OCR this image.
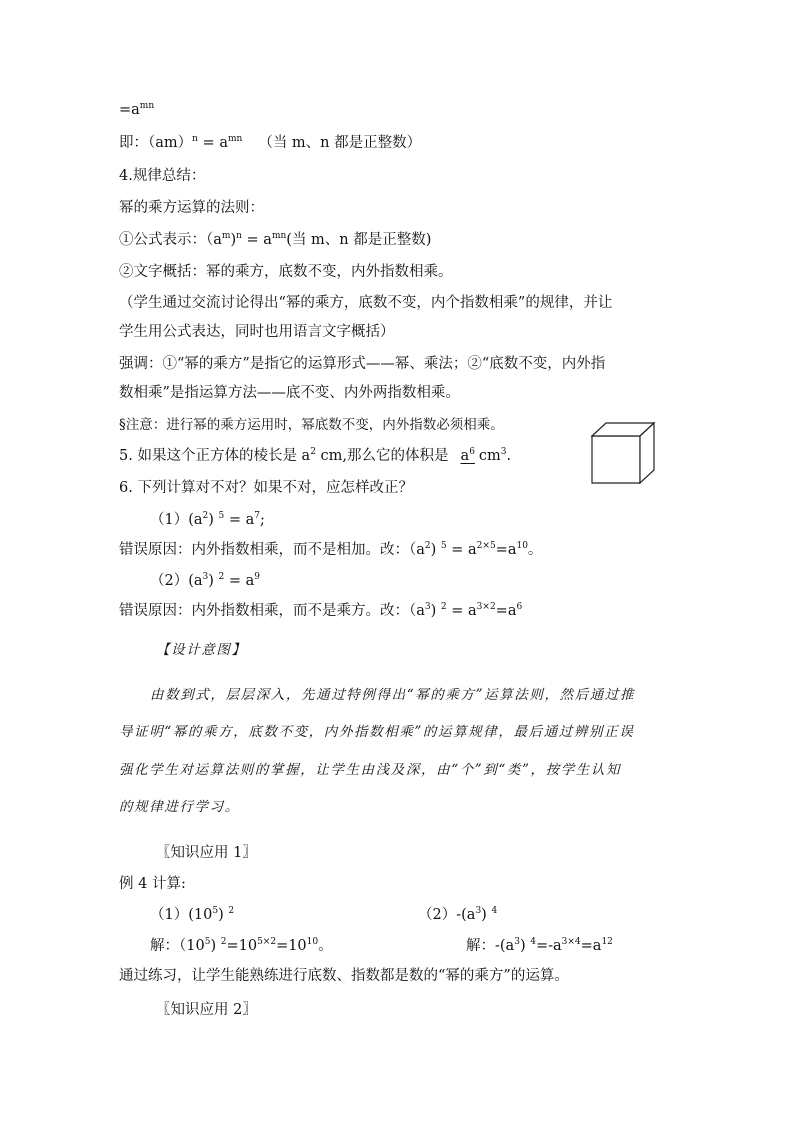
$=a^{mn}$
即：$(am)^n = a^{mn}$ （当 m、n 都是正整数）
4.规律总结：
幂的乘方运算的法则：
①公式表示：$(a^m)^n = a^{mn}$(当 m、n 都是正整数)
②文字概括：幂的乘方，底数不变，内外指数相乘。
（学生通过交流讨论得出“幂的乘方，底数不变，内个指数相乘”的规律，并让
学生用公式表达，同时也用语言文字概括）
强调：①“幂的乘方”是指它的运算形式——幂、乘法；②“底数不变，内外指
数相乘”是指运算方法——底不变、内外两指数相乘。
§注意：进行幂的乘方运用时，幂底数不变，内外指数必须相乘。
5. 如果这个正方体的棱长是 $a^2$ cm,那么它的体积是 $a^6$ $cm^3$.
6. 下列计算对不对？如果不对，应怎样改正？
$(1)(a^2) ^5 = a^7$;
错误原因：内外指数相乘，而不是相加。改：$(a^2)$ $^5 = a^{2\times 5}=a^{10}$。
$(2)(a^3) ^2 = a^9$
错误原因：内外指数相乘，而不是乘方。改：$(a^3)$ $^2 = a^{3\times 2}=a^6$
【设计意图】
由数到式，层层深入，先通过特例得出“幂的乘方”运算法则，然后通过推
导证明“幂的乘方，底数不变，内外指数相乘”的运算规律，最后通过辨别正误
强化学生对运算法则的掌握，让学生由浅及深，由“个”到“类”，按学生认知
的规律进行学习。
〖知识应用 1〗
例 4 计算:
$(1)(10^5)$ $^2$	$(2)-(a^3)$ $^4$
解：$(10^5)$ $^2=10^{5\times 2}=10^{10}$。	解：$-(a^3)$ $^4=-a^{3\times 4}=a^{12}$
通过练习，让学生能熟练进行底数、指数都是数的“幂的乘方”的运算。
〖知识应用 2〗
